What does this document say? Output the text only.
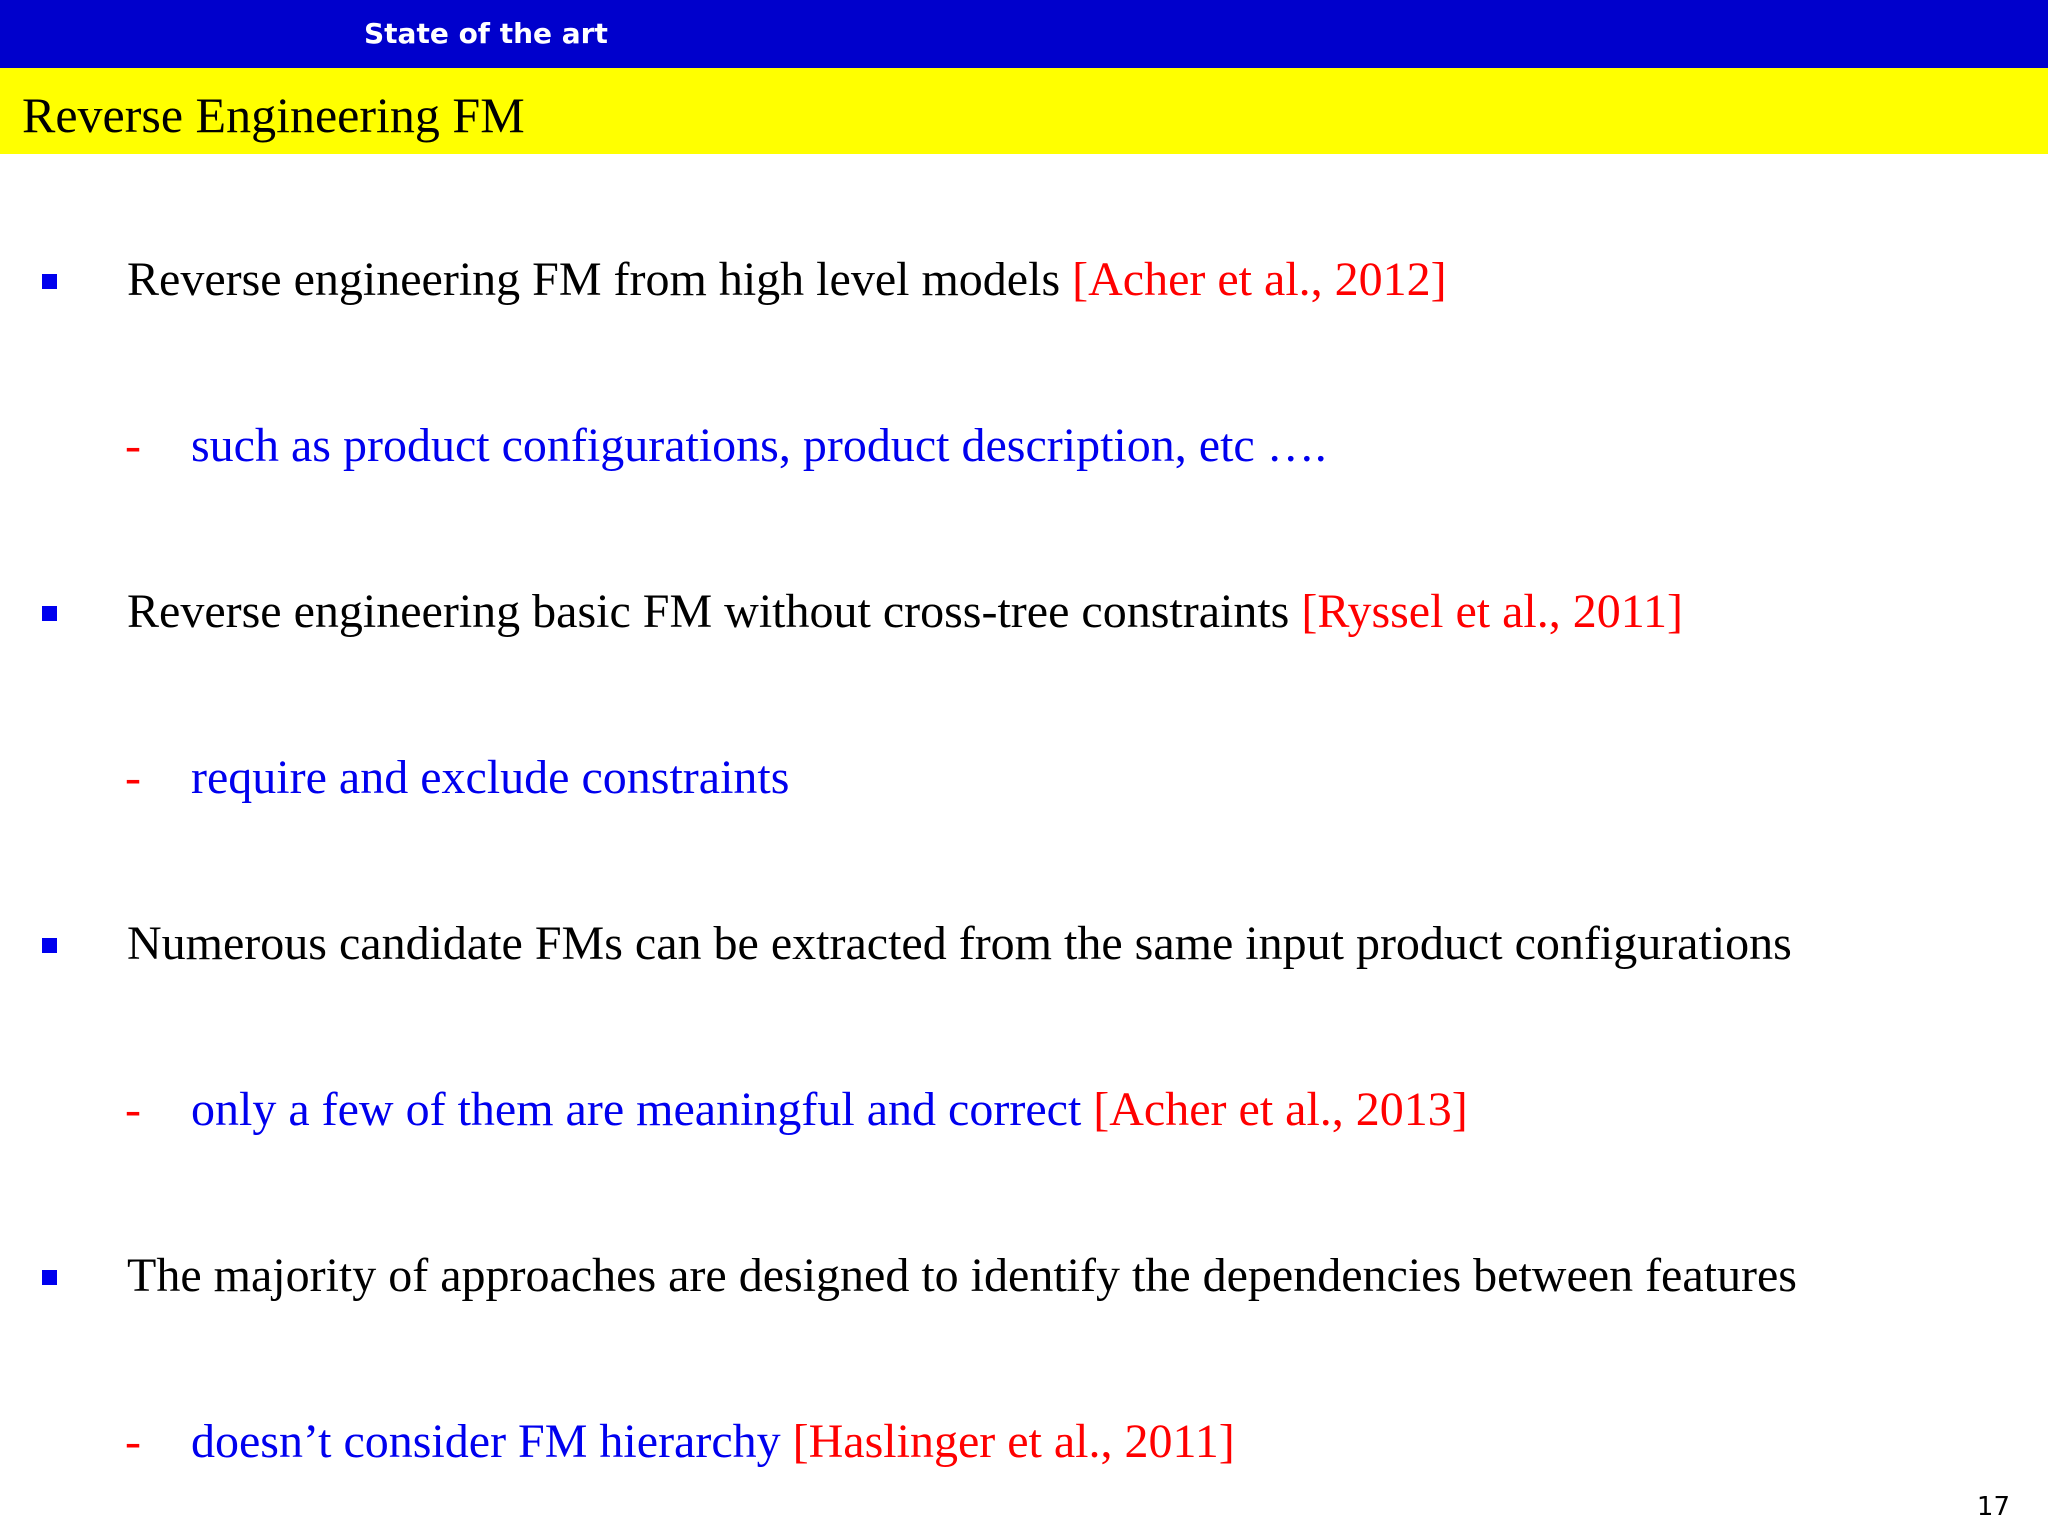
State of the art
Reverse Engineering FM
Reverse engineering FM from high level models [Acher et al., 2012]
- such as product configurations, product description, etc ….
Reverse engineering basic FM without cross-tree constraints [Ryssel et al., 2011]
- require and exclude constraints
Numerous candidate FMs can be extracted from the same input product configurations
- only a few of them are meaningful and correct [Acher et al., 2013]
The majority of approaches are designed to identify the dependencies between features
- doesn’t consider FM hierarchy [Haslinger et al., 2011]
17
